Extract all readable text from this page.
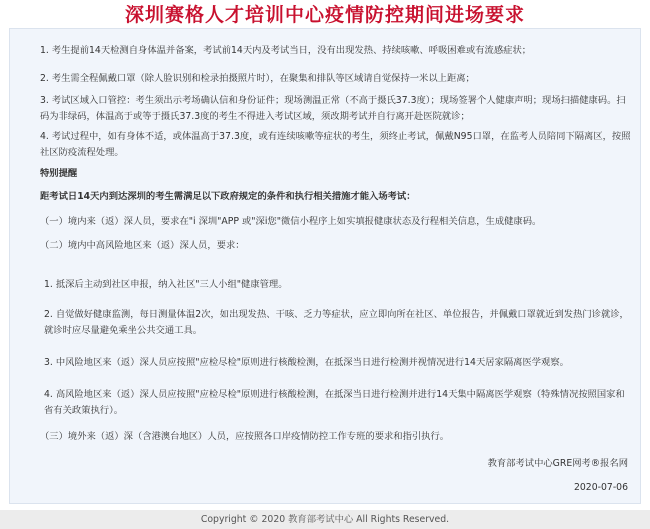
深圳赛格人才培训中心疫情防控期间进场要求
1. 考生提前14天检测自身体温并备案，考试前14天内及考试当日，没有出现发热、持续咳嗽、呼吸困难或有流感症状；
2. 考生需全程佩戴口罩（除人脸识别和检录拍摄照片时），在聚集和排队等区域请自觉保持一米以上距离；
3. 考试区域入口管控：考生须出示考场确认信和身份证件；现场测温正常（不高于摄氏37.3度）；现场签署个人健康声明；现场扫描健康码。扫码为非绿码，体温高于或等于摄氏37.3度的考生不得进入考试区域，须改期考试并自行离开赴医院就诊；
4. 考试过程中，如有身体不适，或体温高于37.3度，或有连续咳嗽等症状的考生，须终止考试，佩戴N95口罩，在监考人员陪同下隔离区，按照社区防疫流程处理。
特别提醒
距考试日14天内到达深圳的考生需满足以下政府规定的条件和执行相关措施才能入场考试：
（一）境内来（返）深人员，要求在"i 深圳"APP 或"深i您"微信小程序上如实填报健康状态及行程相关信息，生成健康码。
（二）境内中高风险地区来（返）深人员，要求：
1. 抵深后主动到社区申报，纳入社区"三人小组"健康管理。
2. 自觉做好健康监测，每日测量体温2次，如出现发热、干咳、乏力等症状，应立即向所在社区、单位报告，并佩戴口罩就近到发热门诊就诊，就诊时应尽量避免乘坐公共交通工具。
3. 中风险地区来（返）深人员应按照"应检尽检"原则进行核酸检测，在抵深当日进行检测并视情况进行14天居家隔离医学观察。
4. 高风险地区来（返）深人员应按照"应检尽检"原则进行核酸检测，在抵深当日进行检测并进行14天集中隔离医学观察（特殊情况按照国家和省有关政策执行）。
（三）境外来（返）深（含港澳台地区）人员，应按照各口岸疫情防控工作专班的要求和指引执行。
教育部考试中心GRE网考®报名网
2020-07-06
Copyright © 2020 教育部考试中心 All Rights Reserved.
